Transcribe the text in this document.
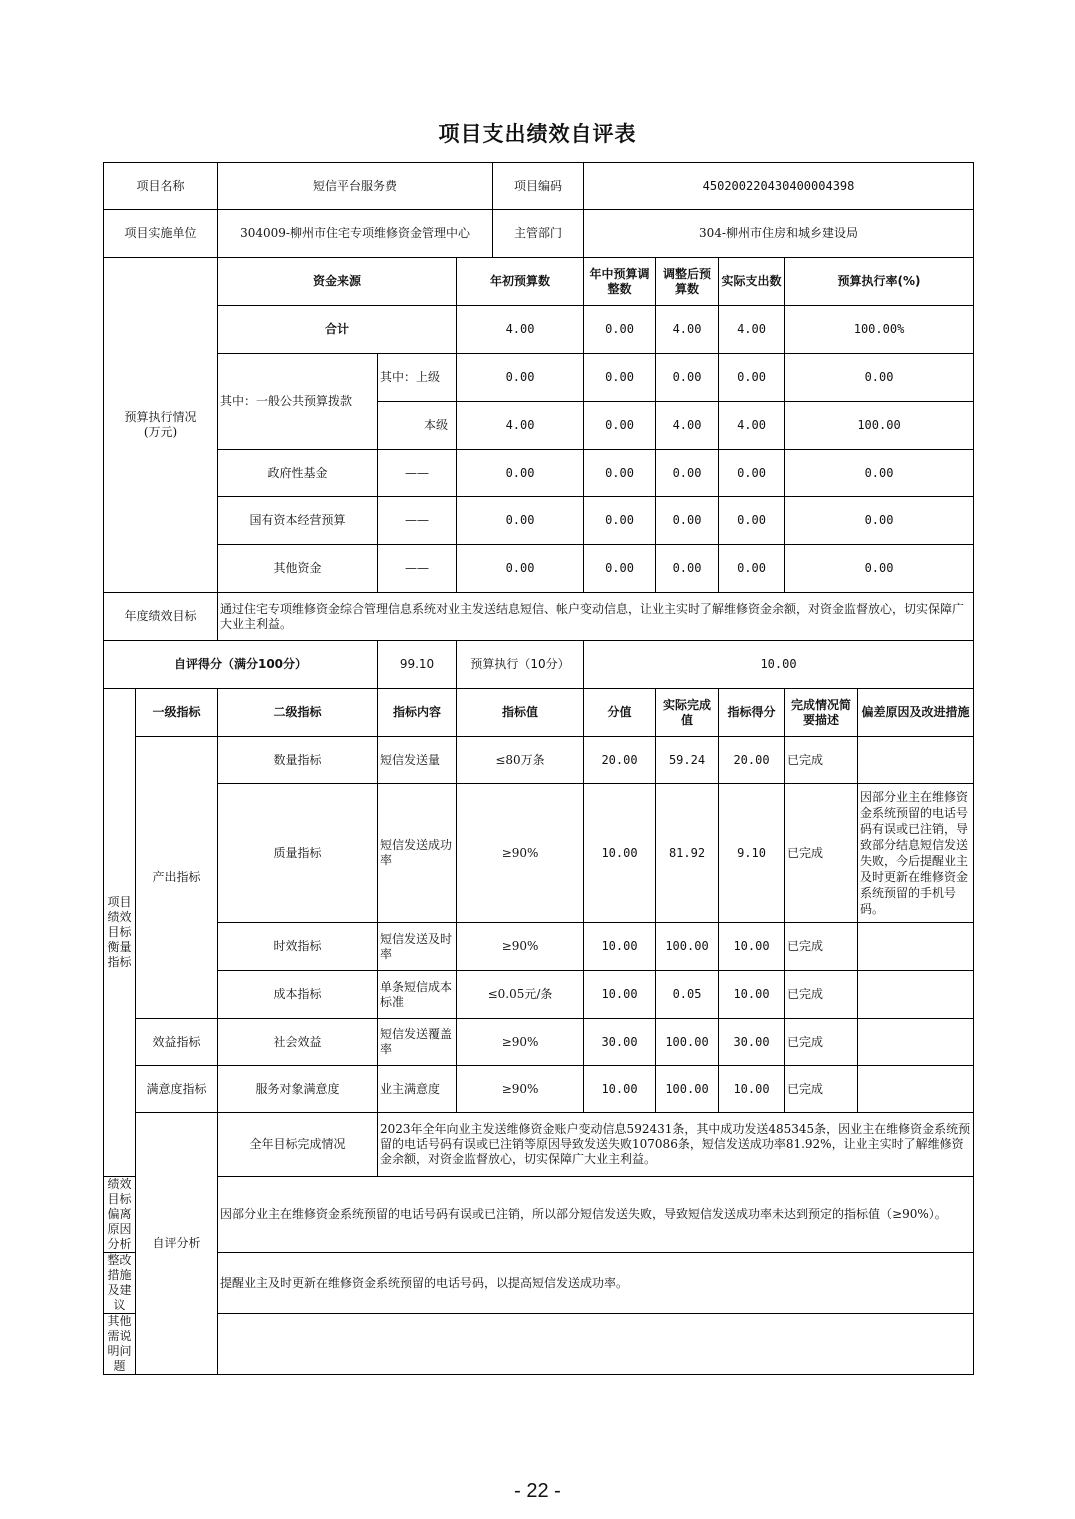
项目支出绩效自评表
项目名称		短信平台服务费			项目编码	450200220430400004398				
项目实施单位		304009-柳州市住宅专项维修资金管理中心			主管部门	304-柳州市住房和城乡建设局				
预算执行情况
(万元)		资金来源		年初预算数		年中预算调整数	调整后预算数	实际支出数	预算执行率(%)	
		合计		4.00		0.00	4.00	4.00	100.00%	
		其中：一般公共预算拨款	其中：上级	0.00		0.00	0.00	0.00	0.00	
			本级	4.00		0.00	4.00	4.00	100.00	
		政府性基金	——	0.00		0.00	0.00	0.00	0.00	
		国有资本经营预算	——	0.00		0.00	0.00	0.00	0.00	
		其他资金	——	0.00		0.00	0.00	0.00	0.00	
年度绩效目标		通过住宅专项维修资金综合管理信息系统对业主发送结息短信、帐户变动信息，让业主实时了解维修资金余额，对资金监督放心，切实保障广大业主利益。								
自评得分（满分100分）			99.10	预算执行（10分）		10.00				
项目绩效目标衡量指标	一级指标	二级指标	指标内容	指标值		分值	实际完成值	指标得分	完成情况简要描述	偏差原因及改进措施
	产出指标	数量指标	短信发送量	≤80万条		20.00	59.24	20.00	已完成	
		质量指标	短信发送成功率	≥90%		10.00	81.92	9.10	已完成	因部分业主在维修资金系统预留的电话号码有误或已注销，导致部分结息短信发送失败，今后提醒业主及时更新在维修资金系统预留的手机号码。
		时效指标	短信发送及时率	≥90%		10.00	100.00	10.00	已完成	
		成本指标	单条短信成本标准	≤0.05元/条		10.00	0.05	10.00	已完成	
	效益指标	社会效益	短信发送覆盖率	≥90%		30.00	100.00	30.00	已完成	
	满意度指标	服务对象满意度	业主满意度	≥90%		10.00	100.00	10.00	已完成	
	自评分析	全年目标完成情况	2023年全年向业主发送维修资金账户变动信息592431条，其中成功发送485345条，因业主在维修资金系统预留的电话号码有误或已注销等原因导致发送失败107086条，短信发送成功率81.92%，让业主实时了解维修资金余额，对资金监督放心，切实保障广大业主利益。							
绩效目标偏离原因分析		因部分业主在维修资金系统预留的电话号码有误或已注销，所以部分短信发送失败，导致短信发送成功率未达到预定的指标值（≥90%）。								
整改措施及建议		提醒业主及时更新在维修资金系统预留的电话号码，以提高短信发送成功率。								
其他需说明问题										
- 22 -
